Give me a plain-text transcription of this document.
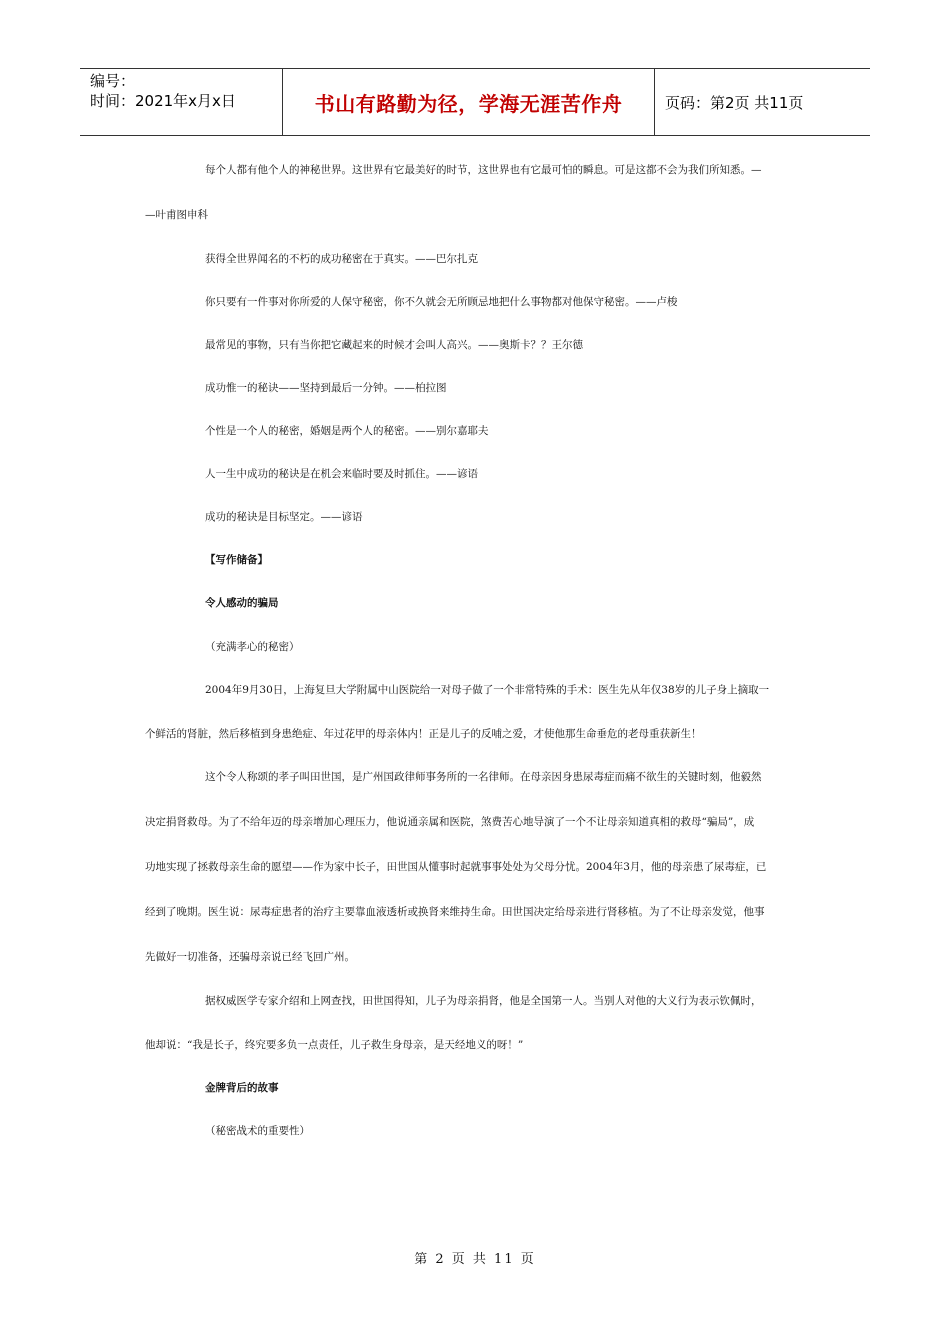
编号：
时间：2021年x月x日	书山有路勤为径，学海无涯苦作舟	页码：第2页 共11页
每个人都有他个人的神秘世界。这世界有它最美好的时节，这世界也有它最可怕的瞬息。可是这都不会为我们所知悉。—
—叶甫图申科
获得全世界闻名的不朽的成功秘密在于真实。——巴尔扎克
你只要有一件事对你所爱的人保守秘密，你不久就会无所顾忌地把什么事物都对他保守秘密。——卢梭
最常见的事物，只有当你把它藏起来的时候才会叫人高兴。——奥斯卡？？王尔德
成功惟一的秘诀——坚持到最后一分钟。——柏拉图
个性是一个人的秘密，婚姻是两个人的秘密。——别尔嘉耶夫
人一生中成功的秘诀是在机会来临时要及时抓住。——谚语
成功的秘诀是目标坚定。——谚语
【写作储备】
令人感动的骗局
（充满孝心的秘密）
2004年9月30日，上海复旦大学附属中山医院给一对母子做了一个非常特殊的手术：医生先从年仅38岁的儿子身上摘取一
个鲜活的肾脏，然后移植到身患绝症、年过花甲的母亲体内！正是儿子的反哺之爱，才使他那生命垂危的老母重获新生！
这个令人称颂的孝子叫田世国，是广州国政律师事务所的一名律师。在母亲因身患尿毒症而痛不欲生的关键时刻，他毅然
决定捐肾救母。为了不给年迈的母亲增加心理压力，他说通亲属和医院，煞费苦心地导演了一个不让母亲知道真相的救母“骗局”，成
功地实现了拯救母亲生命的愿望——作为家中长子，田世国从懂事时起就事事处处为父母分忧。2004年3月，他的母亲患了尿毒症，已
经到了晚期。医生说：尿毒症患者的治疗主要靠血液透析或换肾来维持生命。田世国决定给母亲进行肾移植。为了不让母亲发觉，他事
先做好一切准备，还骗母亲说已经飞回广州。
据权威医学专家介绍和上网查找，田世国得知，儿子为母亲捐肾，他是全国第一人。当别人对他的大义行为表示钦佩时，
他却说：“我是长子，终究要多负一点责任，儿子救生身母亲，是天经地义的呀！”
金牌背后的故事
（秘密战术的重要性）
第 2 页 共 11 页
